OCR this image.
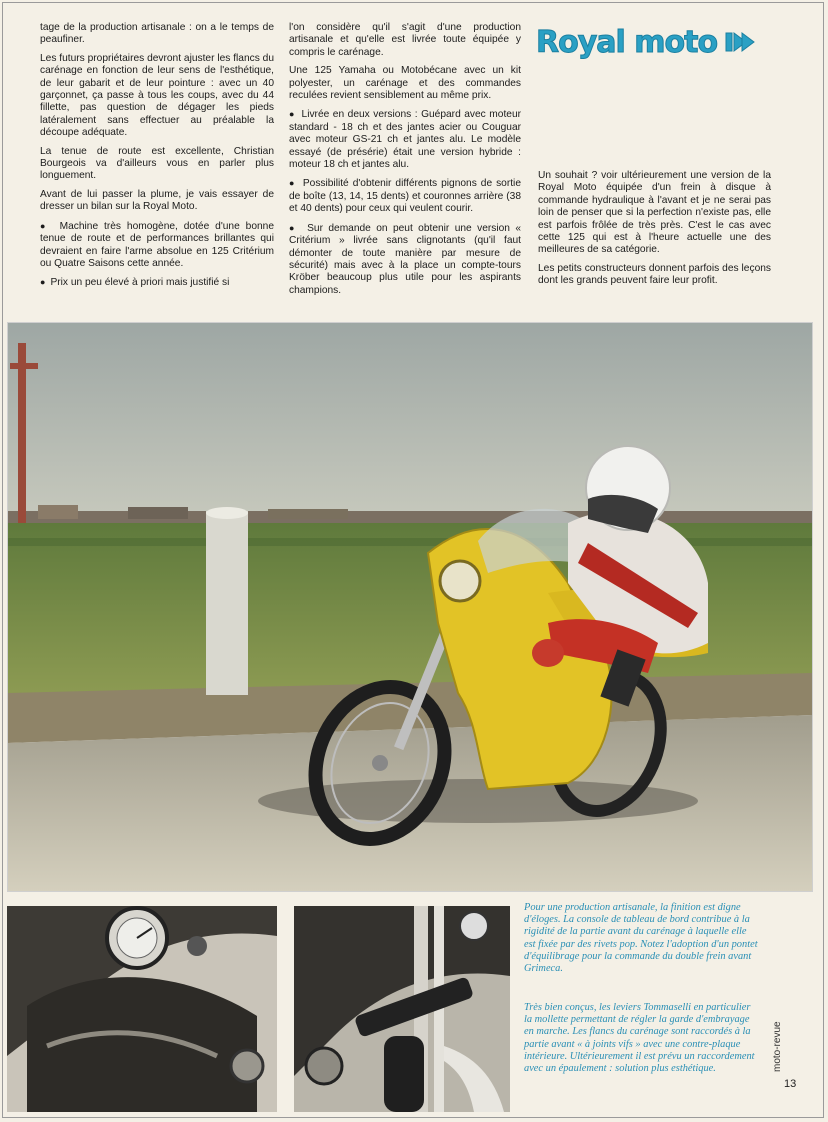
tage de la production artisanale : on a le temps de peaufiner.

Les futurs propriétaires devront ajuster les flancs du carénage en fonction de leur sens de l'esthétique, de leur gabarit et de leur pointure : avec un 40 garçonnet, ça passe à tous les coups, avec du 44 fillette, pas question de dégager les pieds latéralement sans effectuer au préalable la découpe adéquate.

La tenue de route est excellente, Christian Bourgeois va d'ailleurs vous en parler plus longuement.

Avant de lui passer la plume, je vais essayer de dresser un bilan sur la Royal Moto.

●  Machine très homogène, dotée d'une bonne tenue de route et de performances brillantes qui devraient en faire l'arme absolue en 125 Critérium ou Quatre Saisons cette année.

●  Prix un peu élevé à priori mais justifié si

l'on considère qu'il s'agit d'une production artisanale et qu'elle est livrée toute équipée y compris le carénage.

Une 125 Yamaha ou Motobécane avec un kit polyester, un carénage et des commandes reculées revient sensiblement au même prix.

●  Livrée en deux versions : Guépard avec moteur standard - 18 ch et des jantes acier ou Couguar avec moteur GS-21 ch et jantes alu. Le modèle essayé (de présérie) était une version hybride : moteur 18 ch et jantes alu.

●  Possibilité d'obtenir différents pignons de sortie de boîte (13, 14, 15 dents) et couronnes arrière (38 et 40 dents) pour ceux qui veulent courir.

●  Sur demande on peut obtenir une version « Critérium » livrée sans clignotants (qu'il faut démonter de toute manière par mesure de sécurité) mais avec à la place un compte-tours Kröber beaucoup plus utile pour les aspirants champions.

Royal moto

Un souhait ? voir ultérieurement une version de la Royal Moto équipée d'un frein à disque à commande hydraulique à l'avant et je ne serai pas loin de penser que si la perfection n'existe pas, elle est parfois frôlée de très près. C'est le cas avec cette 125 qui est à l'heure actuelle une des meilleures de sa catégorie.

Les petits constructeurs donnent parfois des leçons dont les grands peuvent faire leur profit.

Pour une production artisanale, la finition est digne d'éloges. La console de tableau de bord contribue à la rigidité de la partie avant du carénage à laquelle elle est fixée par des rivets pop. Notez l'adoption d'un pontet d'équilibrage pour la commande du double frein avant Grimeca.
Très bien conçus, les leviers Tommaselli en particulier la mollette permettant de régler la garde d'embrayage en marche. Les flancs du carénage sont raccordés à la partie avant « à joints vifs » avec une contre-plaque intérieure. Ultérieurement il est prévu un raccordement avec un épaulement : solution plus esthétique.	moto-revue
13
